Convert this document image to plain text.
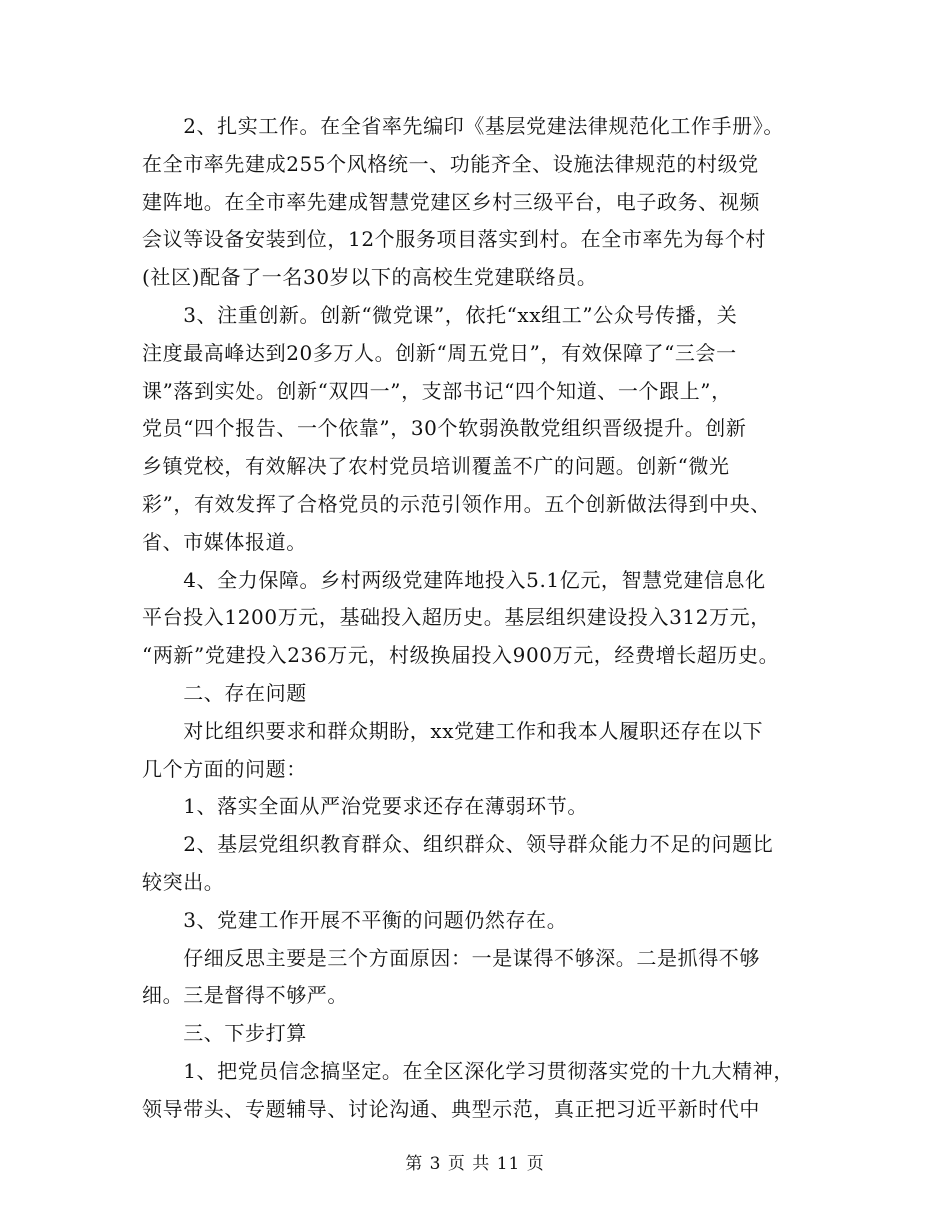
　　2、扎实工作。在全省率先编印《基层党建法律规范化工作手册》。
在全市率先建成255个风格统一、功能齐全、设施法律规范的村级党
建阵地。在全市率先建成智慧党建区乡村三级平台，电子政务、视频
会议等设备安装到位，12个服务项目落实到村。在全市率先为每个村
(社区)配备了一名30岁以下的高校生党建联络员。
　　3、注重创新。创新“微党课”，依托“xx组工”公众号传播，关
注度最高峰达到20多万人。创新“周五党日”，有效保障了“三会一
课”落到实处。创新“双四一”，支部书记“四个知道、一个跟上”，
党员“四个报告、一个依靠”，30个软弱涣散党组织晋级提升。创新
乡镇党校，有效解决了农村党员培训覆盖不广的问题。创新“微光
彩”，有效发挥了合格党员的示范引领作用。五个创新做法得到中央、
省、市媒体报道。
　　4、全力保障。乡村两级党建阵地投入5.1亿元，智慧党建信息化
平台投入1200万元，基础投入超历史。基层组织建设投入312万元，
“两新”党建投入236万元，村级换届投入900万元，经费增长超历史。
　　二、存在问题
　　对比组织要求和群众期盼，xx党建工作和我本人履职还存在以下
几个方面的问题：
　　1、落实全面从严治党要求还存在薄弱环节。
　　2、基层党组织教育群众、组织群众、领导群众能力不足的问题比
较突出。
　　3、党建工作开展不平衡的问题仍然存在。
　　仔细反思主要是三个方面原因：一是谋得不够深。二是抓得不够
细。三是督得不够严。
　　三、下步打算
　　1、把党员信念搞坚定。在全区深化学习贯彻落实党的十九大精神，
领导带头、专题辅导、讨论沟通、典型示范，真正把习近平新时代中
第 3 页 共 11 页
